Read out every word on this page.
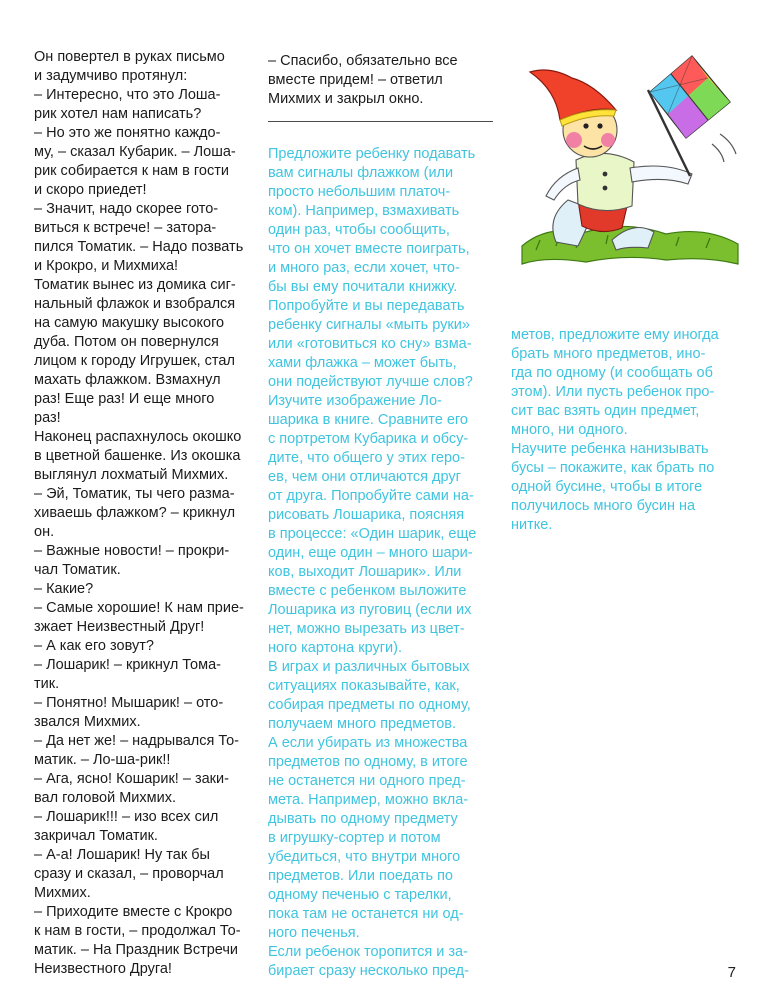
Он повертел в руках письмо
и задумчиво протянул:
– Интересно, что это Лоша-
рик хотел нам написать?
– Но это же понятно каждо-
му, – сказал Кубарик. – Лоша-
рик собирается к нам в гости
и скоро приедет!
– Значит, надо скорее гото-
виться к встрече! – затора-
пился Томатик. – Надо позвать
и Крокро, и Михмиха!
Томатик вынес из домика сиг-
нальный флажок и взобрался
на самую макушку высокого
дуба. Потом он повернулся
лицом к городу Игрушек, стал
махать флажком. Взмахнул
раз! Еще раз! И еще много
раз!
Наконец распахнулось окошко
в цветной башенке. Из окошка
выглянул лохматый Михмих.
– Эй, Томатик, ты чего разма-
хиваешь флажком? – крикнул
он.
– Важные новости! – прокри-
чал Томатик.
– Какие?
– Самые хорошие! К нам прие-
зжает Неизвестный Друг!
– А как его зовут?
– Лошарик! – крикнул Тома-
тик.
– Понятно! Мышарик! – ото-
звался Михмих.
– Да нет же! – надрывался То-
матик. – Ло-ша-рик!!
– Ага, ясно! Кошарик! – заки-
вал головой Михмих.
– Лошарик!!! – изо всех сил
закричал Томатик.
– А-а! Лошарик! Ну так бы
сразу и сказал, – проворчал
Михмих.
– Приходите вместе с Крокро
к нам в гости, – продолжал То-
матик. – На Праздник Встречи
Неизвестного Друга!
– Спасибо, обязательно все
вместе придем! – ответил
Михмих и закрыл окно.
Предложите ребенку подавать
вам сигналы флажком (или
просто небольшим платоч-
ком). Например, взмахивать
один раз, чтобы сообщить,
что он хочет вместе поиграть,
и много раз, если хочет, что-
бы вы ему почитали книжку.
Попробуйте и вы передавать
ребенку сигналы «мыть руки»
или «готовиться ко сну» взма-
хами флажка – может быть,
они подействуют лучше слов?
Изучите изображение Ло-
шарика в книге. Сравните его
с портретом Кубарика и обсу-
дите, что общего у этих геро-
ев, чем они отличаются друг
от друга. Попробуйте сами на-
рисовать Лошарика, поясняя
в процессе: «Один шарик, еще
один, еще один – много шари-
ков, выходит Лошарик». Или
вместе с ребенком выложите
Лошарика из пуговиц (если их
нет, можно вырезать из цвет-
ного картона круги).
В играх и различных бытовых
ситуациях показывайте, как,
собирая предметы по одному,
получаем много предметов.
А если убирать из множества
предметов по одному, в итоге
не останется ни одного пред-
мета. Например, можно вкла-
дывать по одному предмету
в игрушку-сортер и потом
убедиться, что внутри много
предметов. Или поедать по
одному печенью с тарелки,
пока там не останется ни од-
ного печенья.
Если ребенок торопится и за-
бирает сразу несколько пред-
метов, предложите ему иногда
брать много предметов, ино-
гда по одному (и сообщать об
этом). Или пусть ребенок про-
сит вас взять один предмет,
много, ни одного.
Научите ребенка нанизывать
бусы – покажите, как брать по
одной бусине, чтобы в итоге
получилось много бусин на
нитке.
7
